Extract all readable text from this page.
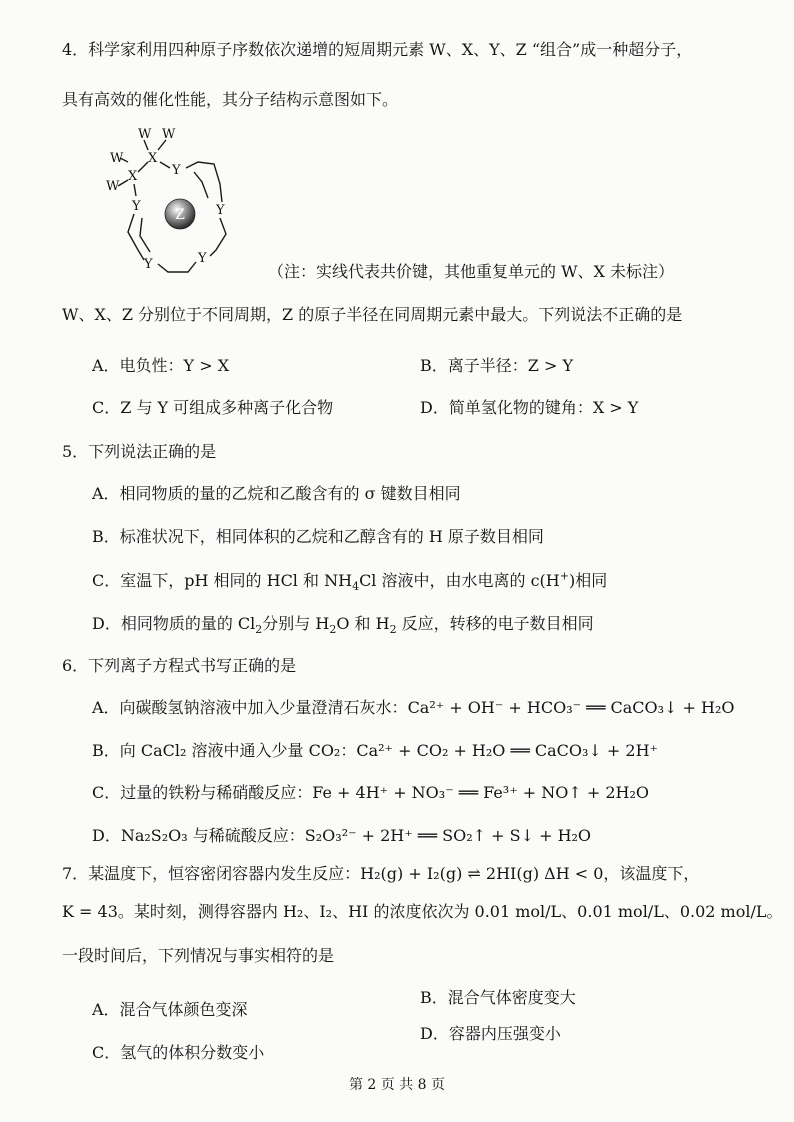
4．科学家利用四种原子序数依次递增的短周期元素 W、X、Y、Z “组合”成一种超分子，
具有高效的催化性能，其分子结构示意图如下。
Z
W W
X
W
X
W
Y
Y	Y
Y	Y
（注：实线代表共价键，其他重复单元的 W、X 未标注）
W、X、Z 分别位于不同周期，Z 的原子半径在同周期元素中最大。下列说法不正确的是
A．电负性：Y > X	B．离子半径：Z > Y
C．Z 与 Y 可组成多种离子化合物	D．简单氢化物的键角：X > Y
5．下列说法正确的是
A．相同物质的量的乙烷和乙酸含有的 σ 键数目相同
B．标准状况下，相同体积的乙烷和乙醇含有的 H 原子数目相同
C．室温下，pH 相同的 HCl 和 $NH_4Cl$ 溶液中，由水电离的 c(H+)相同
D．相同物质的量的 $Cl_2$分别与 $H_2O$ 和 $H_2$ 反应，转移的电子数目相同
6．下列离子方程式书写正确的是
A．向碳酸氢钠溶液中加入少量澄清石灰水：Ca²⁺ + OH⁻ + HCO₃⁻ ══ CaCO₃↓ + H₂O
B．向 CaCl₂ 溶液中通入少量 CO₂：Ca²⁺ + CO₂ + H₂O ══ CaCO₃↓ + 2H⁺
C．过量的铁粉与稀硝酸反应：Fe + 4H⁺ + NO₃⁻ ══ Fe³⁺ + NO↑ + 2H₂O
D．Na₂S₂O₃ 与稀硫酸反应：S₂O₃²⁻ + 2H⁺ ══ SO₂↑ + S↓ + H₂O
7．某温度下，恒容密闭容器内发生反应：H₂(g) + I₂(g) ⇌ 2HI(g) ΔH < 0，该温度下，
K = 43。某时刻，测得容器内 H₂、I₂、HI 的浓度依次为 0.01 mol/L、0.01 mol/L、0.02 mol/L。
一段时间后，下列情况与事实相符的是
A．混合气体颜色变深
B．混合气体密度变大
C．氢气的体积分数变小
D．容器内压强变小
第 2 页 共 8 页
